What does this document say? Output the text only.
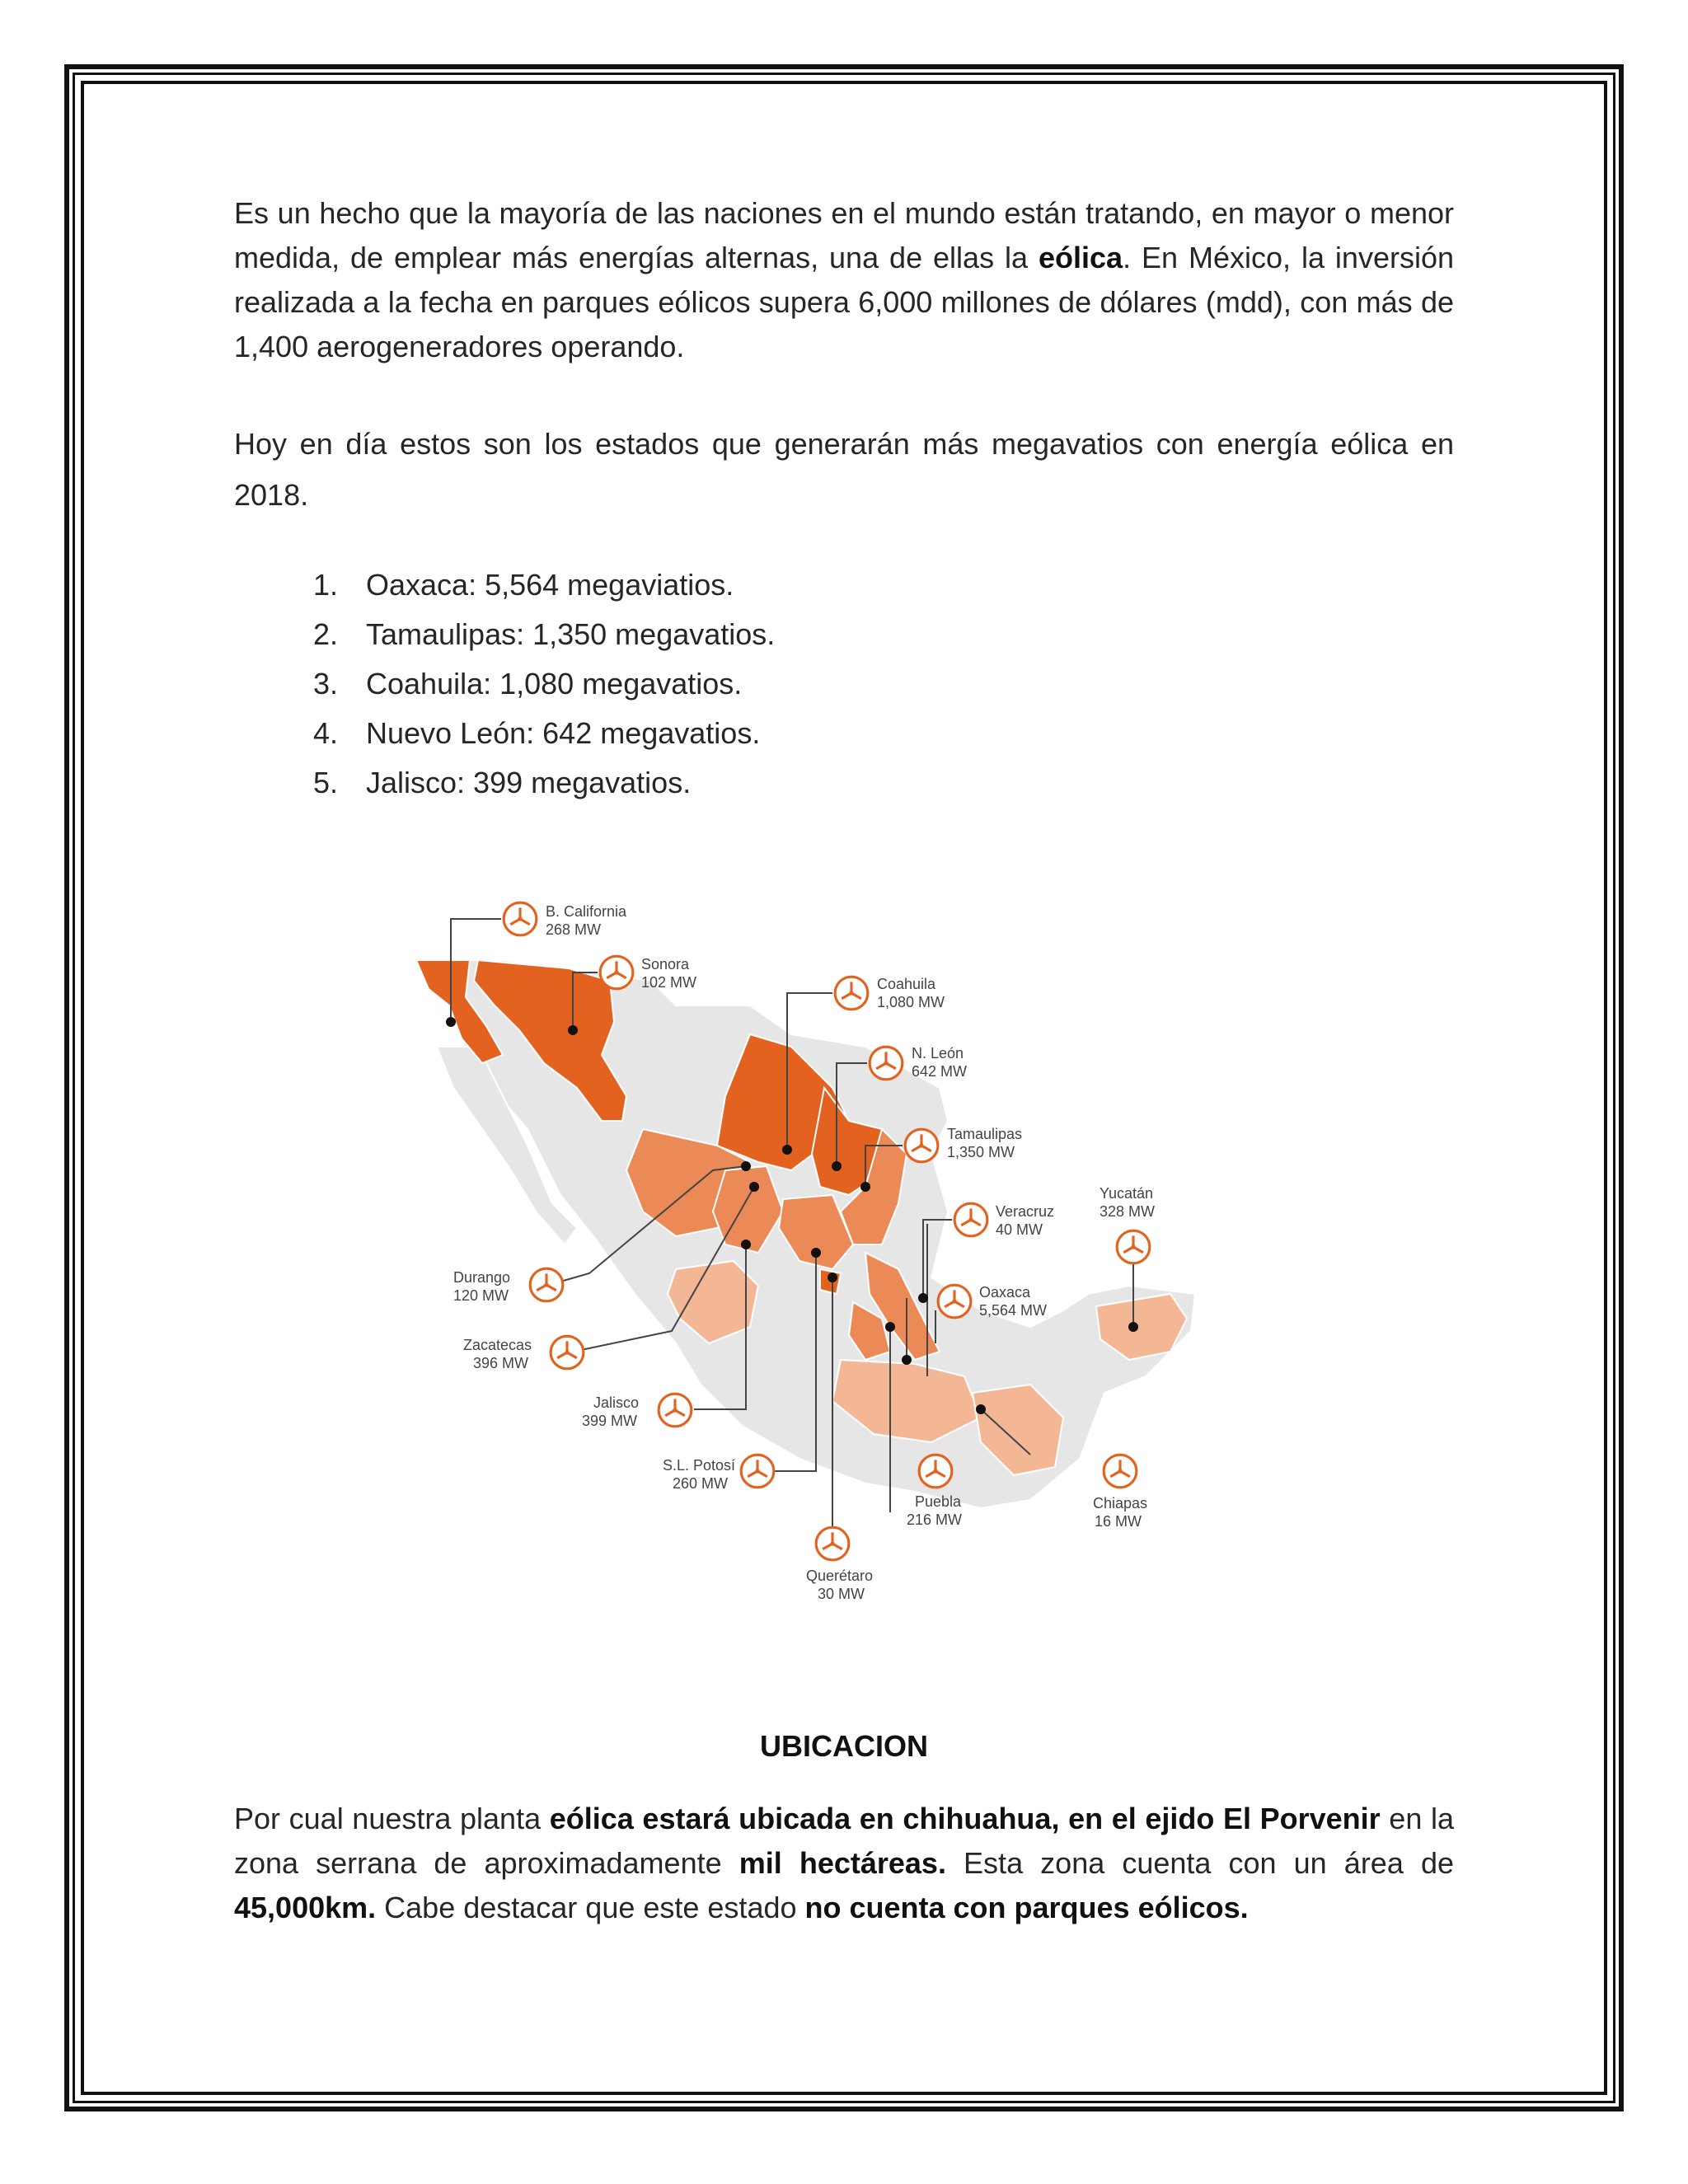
Es un hecho que la mayoría de las naciones en el mundo están tratando, en mayor o menor medida, de emplear más energías alternas, una de ellas la eólica. En México, la inversión realizada a la fecha en parques eólicos supera 6,000 millones de dólares (mdd), con más de 1,400 aerogeneradores operando.

Hoy en día estos son los estados que generarán más megavatios con energía eólica en 2018.

1. Oaxaca: 5,564 megaviatios.
2. Tamaulipas: 1,350 megavatios.
3. Coahuila: 1,080 megavatios.
4. Nuevo León: 642 megavatios.
5. Jalisco: 399 megavatios.
B. California
268 MW
Sonora
102 MW	Coahuila
1,080 MW
N. León
642 MW
Tamaulipas
1,350 MW
Yucatán
328 MW
Veracruz
40 MW
Oaxaca
5,564 MW
Durango
120 MW
Zacatecas
396 MW
Jalisco
399 MW
S.L. Potosí
260 MW
Puebla
216 MW
Chiapas
16 MW
Querétaro
30 MW
UBICACION

Por cual nuestra planta eólica estará ubicada en chihuahua, en el ejido El Porvenir en la zona serrana de aproximadamente mil hectáreas. Esta zona cuenta con un área de 45,000km. Cabe destacar que este estado no cuenta con parques eólicos.
